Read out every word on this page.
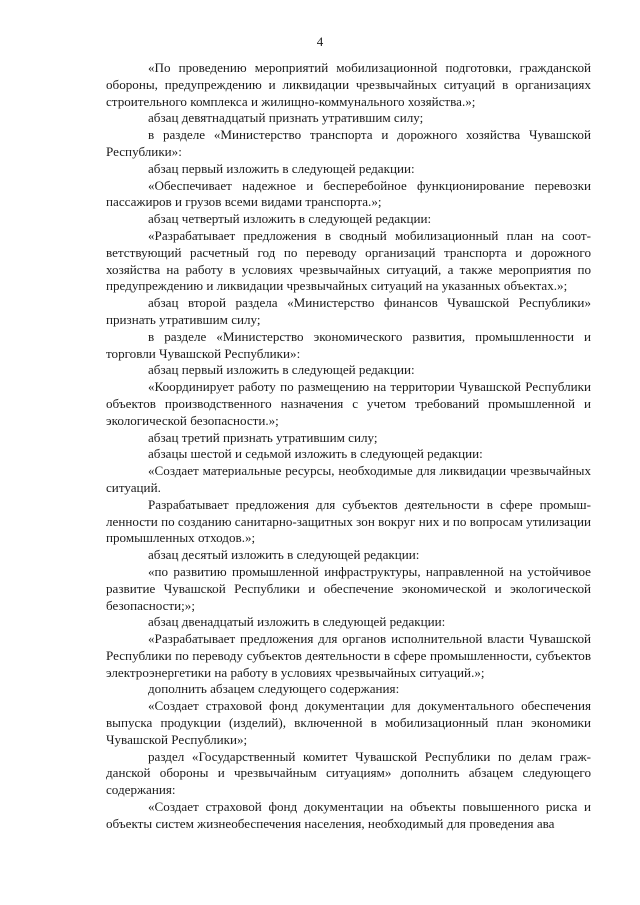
4

«По проведению мероприятий мобилизационной подготовки, гражданской обороны, предупреждению и ликвидации чрезвычайных ситуаций в организациях строительного комплекса и жилищно-коммунального хозяйства.»;

абзац девятнадцатый признать утратившим силу;

в разделе «Министерство транспорта и дорожного хозяйства Чувашской Республики»:

абзац первый изложить в следующей редакции:

«Обеспечивает надежное и бесперебойное функционирование перевозки пассажиров и грузов всеми видами транспорта.»;

абзац четвертый изложить в следующей редакции:

«Разрабатывает предложения в сводный мобилизационный план на соответствующий расчетный год по переводу организаций транспорта и дорожного хозяйства на работу в условиях чрезвычайных ситуаций, а также мероприятия по предупреждению и ликвидации чрезвычайных ситуаций на указанных объектах.»;

абзац второй раздела «Министерство финансов Чувашской Республики» признать утратившим силу;

в разделе «Министерство экономического развития, промышленности и торговли Чувашской Республики»:

абзац первый изложить в следующей редакции:

«Координирует работу по размещению на территории Чувашской Республики объектов производственного назначения с учетом требований промышленной и экологической безопасности.»;

абзац третий признать утратившим силу;

абзацы шестой и седьмой изложить в следующей редакции:

«Создает материальные ресурсы, необходимые для ликвидации чрезвычайных ситуаций.

Разрабатывает предложения для субъектов деятельности в сфере промышленности по созданию санитарно-защитных зон вокруг них и по вопросам утилизации промышленных отходов.»;

абзац десятый изложить в следующей редакции:

«по развитию промышленной инфраструктуры, направленной на устойчивое развитие Чувашской Республики и обеспечение экономической и экологической безопасности;»;

абзац двенадцатый изложить в следующей редакции:

«Разрабатывает предложения для органов исполнительной власти Чувашской Республики по переводу субъектов деятельности в сфере промышленности, субъектов электроэнергетики на работу в условиях чрезвычайных ситуаций.»;

дополнить абзацем следующего содержания:

«Создает страховой фонд документации для документального обеспечения выпуска продукции (изделий), включенной в мобилизационный план экономики Чувашской Республики»;

раздел «Государственный комитет Чувашской Республики по делам гражданской обороны и чрезвычайным ситуациям» дополнить абзацем следующего содержания:

«Создает страховой фонд документации на объекты повышенного риска и объекты систем жизнеобеспечения населения, необходимый для проведения ава
